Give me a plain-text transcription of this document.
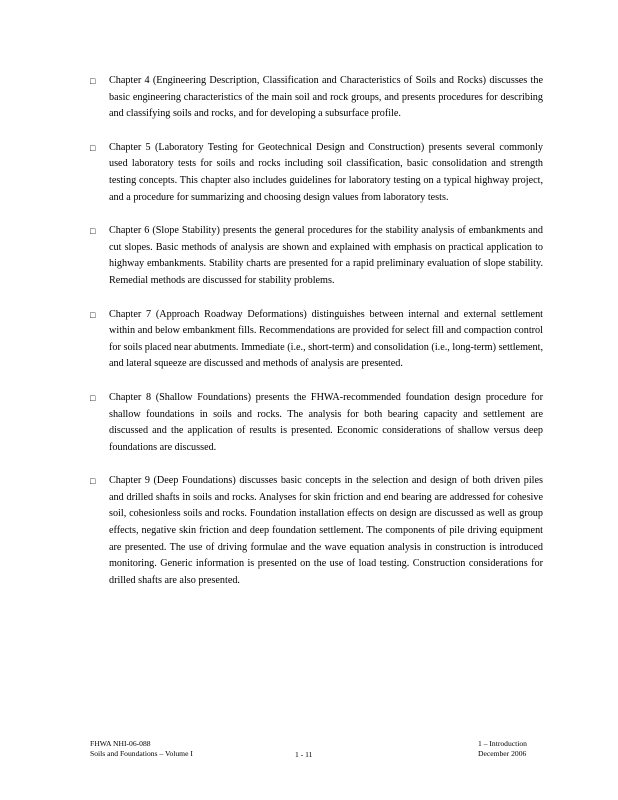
□ Chapter 4 (Engineering Description, Classification and Characteristics of Soils and Rocks) discusses the basic engineering characteristics of the main soil and rock groups, and presents procedures for describing and classifying soils and rocks, and for developing a subsurface profile.
□ Chapter 5 (Laboratory Testing for Geotechnical Design and Construction) presents several commonly used laboratory tests for soils and rocks including soil classification, basic consolidation and strength testing concepts. This chapter also includes guidelines for laboratory testing on a typical highway project, and a procedure for summarizing and choosing design values from laboratory tests.
□ Chapter 6 (Slope Stability) presents the general procedures for the stability analysis of embankments and cut slopes. Basic methods of analysis are shown and explained with emphasis on practical application to highway embankments. Stability charts are presented for a rapid preliminary evaluation of slope stability. Remedial methods are discussed for stability problems.
□ Chapter 7 (Approach Roadway Deformations) distinguishes between internal and external settlement within and below embankment fills. Recommendations are provided for select fill and compaction control for soils placed near abutments. Immediate (i.e., short-term) and consolidation (i.e., long-term) settlement, and lateral squeeze are discussed and methods of analysis are presented.
□ Chapter 8 (Shallow Foundations) presents the FHWA-recommended foundation design procedure for shallow foundations in soils and rocks. The analysis for both bearing capacity and settlement are discussed and the application of results is presented. Economic considerations of shallow versus deep foundations are discussed.
□ Chapter 9 (Deep Foundations) discusses basic concepts in the selection and design of both driven piles and drilled shafts in soils and rocks. Analyses for skin friction and end bearing are addressed for cohesive soil, cohesionless soils and rocks. Foundation installation effects on design are discussed as well as group effects, negative skin friction and deep foundation settlement. The components of pile driving equipment are presented. The use of driving formulae and the wave equation analysis in construction is introduced monitoring. Generic information is presented on the use of load testing. Construction considerations for drilled shafts are also presented.
FHWA NHI-06-088
Soils and Foundations – Volume I	1 - 11
1 – Introduction
December 2006
